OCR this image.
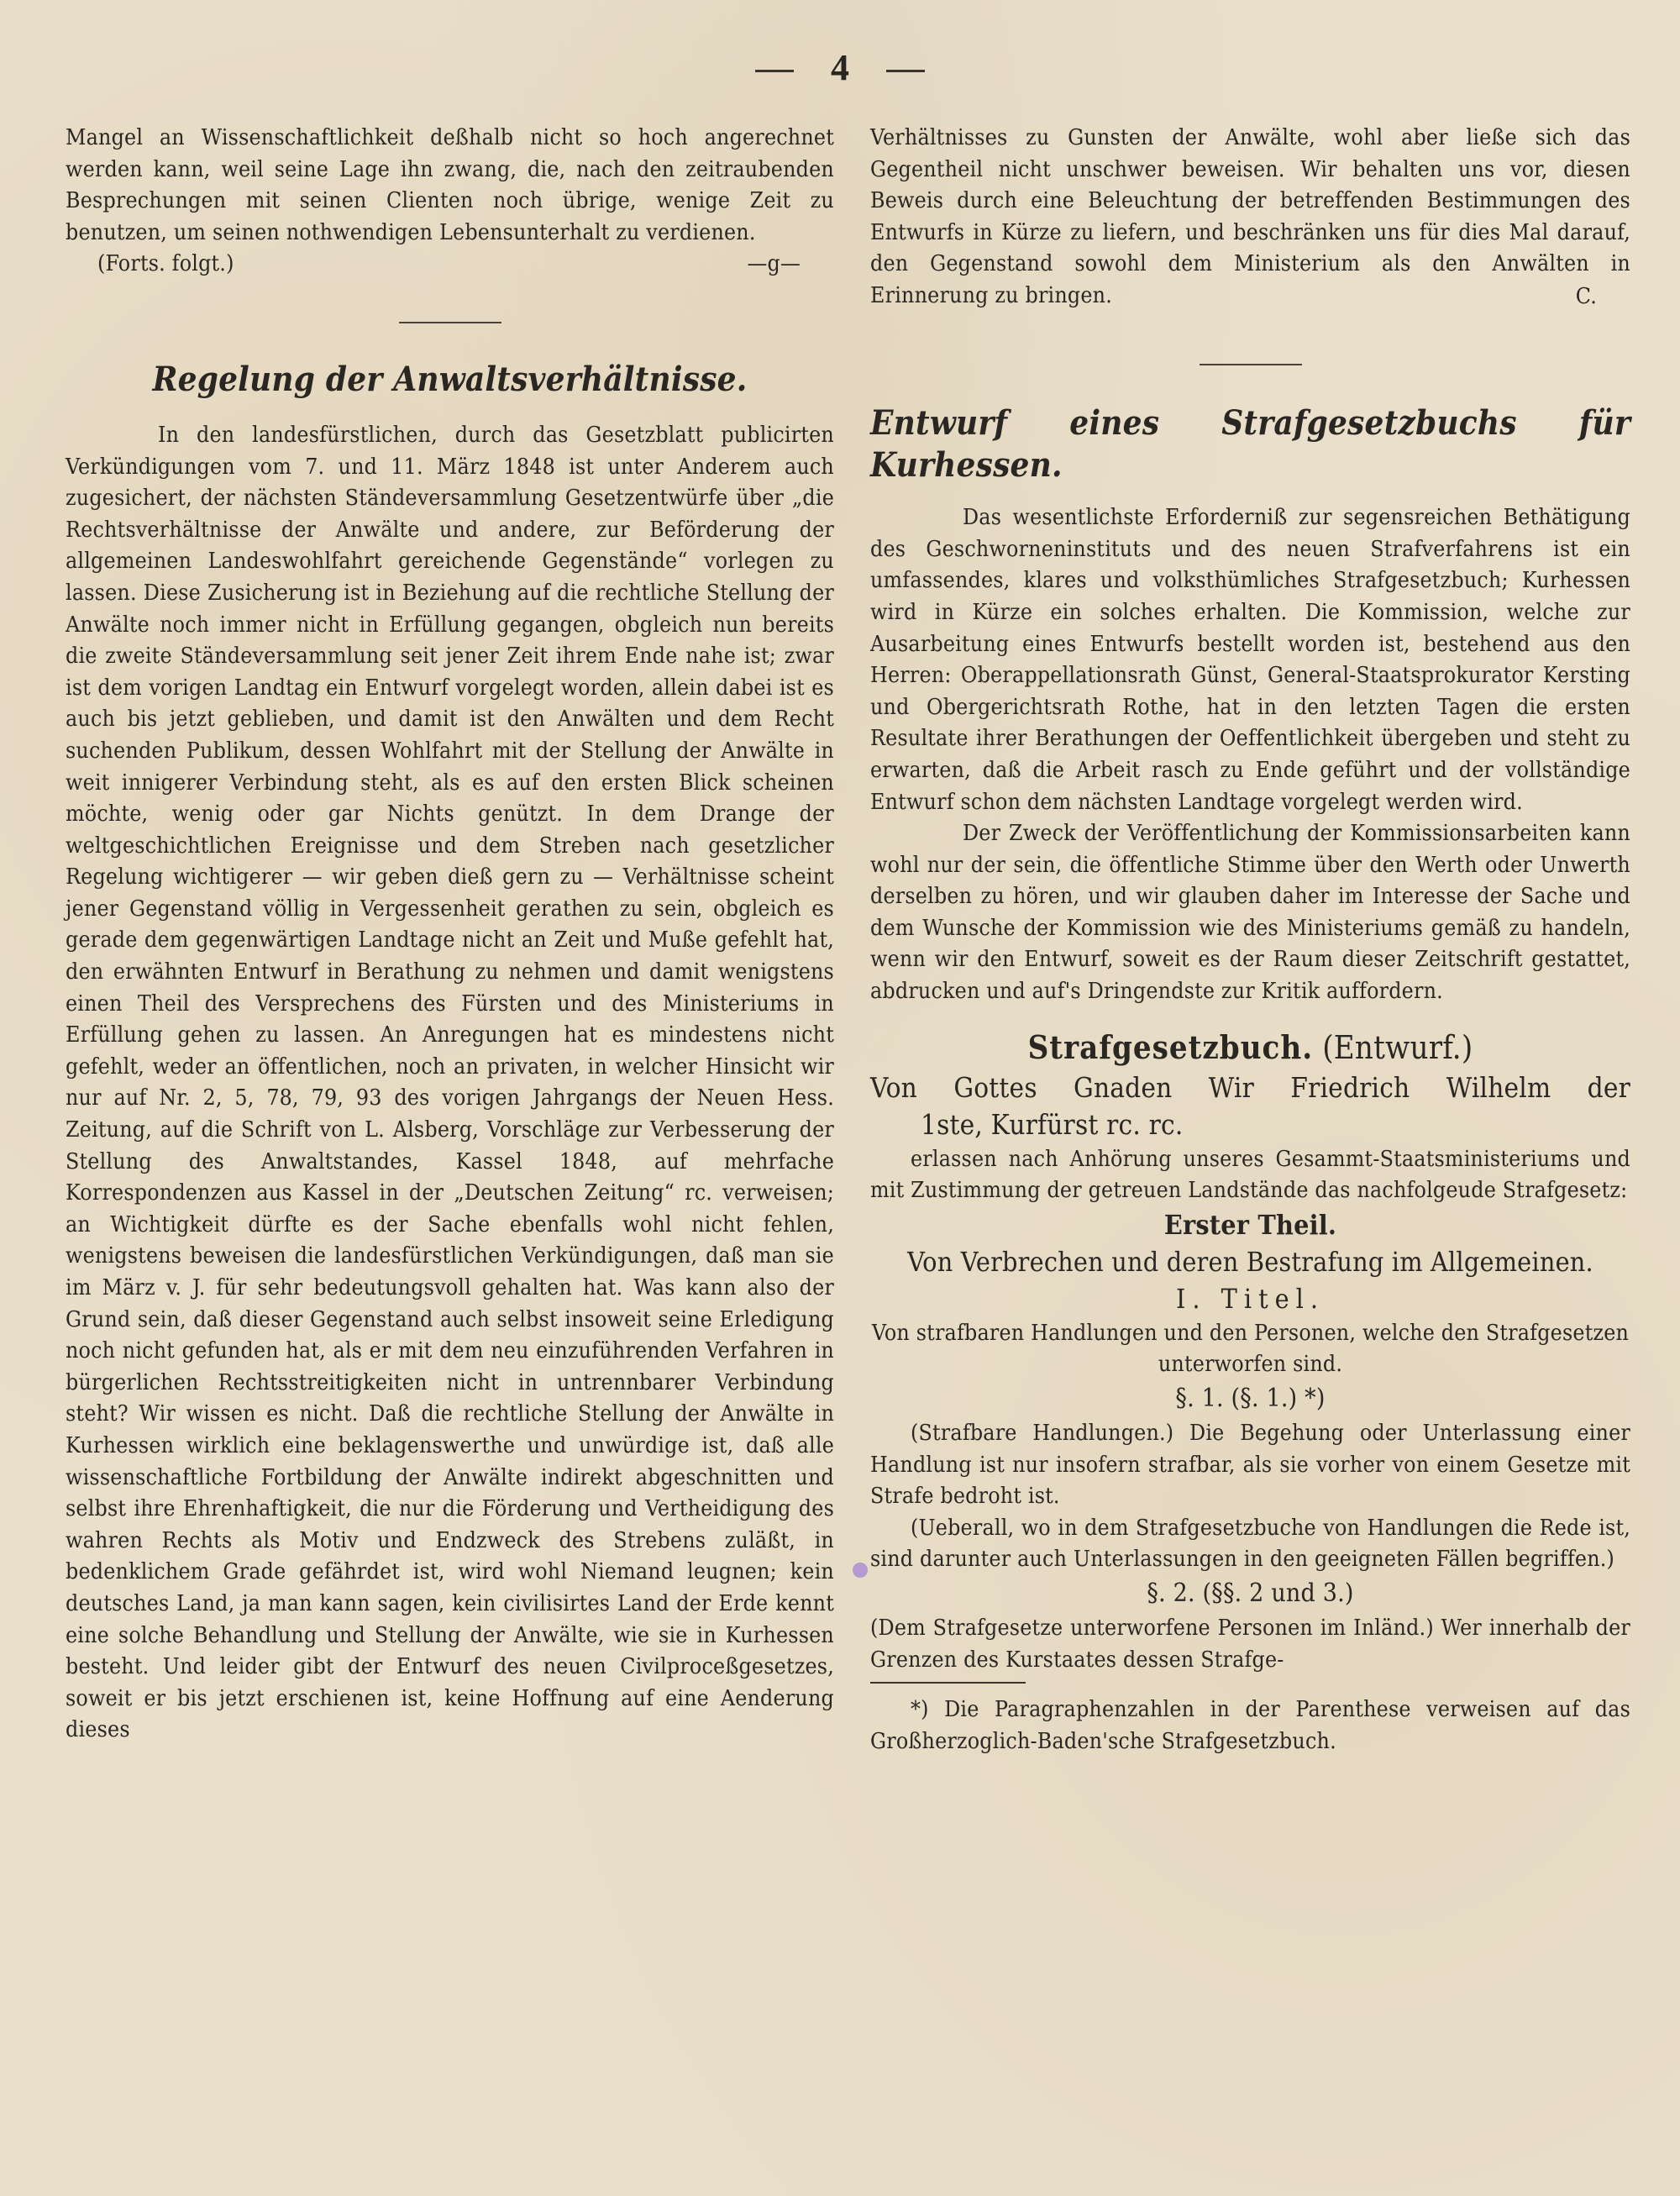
4

Mangel an Wissenschaftlichkeit deßhalb nicht so hoch angerechnet werden kann, weil seine Lage ihn zwang, die, nach den zeitraubenden Besprechungen mit seinen Clienten noch übrige, wenige Zeit zu benutzen, um seinen nothwendigen Lebensunterhalt zu verdienen.

(Forts. folgt.)	—g—
Regelung der Anwaltsverhältnisse.

In den landesfürstlichen, durch das Gesetzblatt publicirten Verkündigungen vom 7. und 11. März 1848 ist unter Anderem auch zugesichert, der nächsten Ständeversammlung Gesetzentwürfe über „die Rechtsverhältnisse der Anwälte und andere, zur Beförderung der allgemeinen Landeswohlfahrt gereichende Gegenstände“ vorlegen zu lassen. Diese Zusicherung ist in Beziehung auf die rechtliche Stellung der Anwälte noch immer nicht in Erfüllung gegangen, obgleich nun bereits die zweite Ständeversammlung seit jener Zeit ihrem Ende nahe ist; zwar ist dem vorigen Landtag ein Entwurf vorgelegt worden, allein dabei ist es auch bis jetzt geblieben, und damit ist den Anwälten und dem Recht suchenden Publikum, dessen Wohlfahrt mit der Stellung der Anwälte in weit innigerer Verbindung steht, als es auf den ersten Blick scheinen möchte, wenig oder gar Nichts genützt. In dem Drange der weltgeschichtlichen Ereignisse und dem Streben nach gesetzlicher Regelung wichtigerer — wir geben dieß gern zu — Verhältnisse scheint jener Gegenstand völlig in Vergessenheit gerathen zu sein, obgleich es gerade dem gegenwärtigen Landtage nicht an Zeit und Muße gefehlt hat, den erwähnten Entwurf in Berathung zu nehmen und damit wenigstens einen Theil des Versprechens des Fürsten und des Ministeriums in Erfüllung gehen zu lassen. An Anregungen hat es mindestens nicht gefehlt, weder an öffentlichen, noch an privaten, in welcher Hinsicht wir nur auf Nr. 2, 5, 78, 79, 93 des vorigen Jahrgangs der Neuen Hess. Zeitung, auf die Schrift von L. Alsberg, Vorschläge zur Verbesserung der Stellung des Anwaltstandes, Kassel 1848, auf mehrfache Korrespondenzen aus Kassel in der „Deutschen Zeitung“ rc. verweisen; an Wichtigkeit dürfte es der Sache ebenfalls wohl nicht fehlen, wenigstens beweisen die landesfürstlichen Verkündigungen, daß man sie im März v. J. für sehr bedeutungsvoll gehalten hat. Was kann also der Grund sein, daß dieser Gegenstand auch selbst insoweit seine Erledigung noch nicht gefunden hat, als er mit dem neu einzuführenden Verfahren in bürgerlichen Rechtsstreitigkeiten nicht in untrennbarer Verbindung steht? Wir wissen es nicht. Daß die rechtliche Stellung der Anwälte in Kurhessen wirklich eine beklagenswerthe und unwürdige ist, daß alle wissenschaftliche Fortbildung der Anwälte indirekt abgeschnitten und selbst ihre Ehrenhaftigkeit, die nur die Förderung und Vertheidigung des wahren Rechts als Motiv und Endzweck des Strebens zuläßt, in bedenklichem Grade gefährdet ist, wird wohl Niemand leugnen; kein deutsches Land, ja man kann sagen, kein civilisirtes Land der Erde kennt eine solche Behandlung und Stellung der Anwälte, wie sie in Kurhessen besteht. Und leider gibt der Entwurf des neuen Civilproceßgesetzes, soweit er bis jetzt erschienen ist, keine Hoffnung auf eine Aenderung dieses

Verhältnisses zu Gunsten der Anwälte, wohl aber ließe sich das Gegentheil nicht unschwer beweisen. Wir behalten uns vor, diesen Beweis durch eine Beleuchtung der betreffenden Bestimmungen des Entwurfs in Kürze zu liefern, und beschränken uns für dies Mal darauf, den Gegenstand sowohl dem Ministerium als den Anwälten in Erinnerung zu bringen.	C.
Entwurf eines Strafgesetzbuchs für Kurhessen.

Das wesentlichste Erforderniß zur segensreichen Bethätigung des Geschworneninstituts und des neuen Strafverfahrens ist ein umfassendes, klares und volksthümliches Strafgesetzbuch; Kurhessen wird in Kürze ein solches erhalten. Die Kommission, welche zur Ausarbeitung eines Entwurfs bestellt worden ist, bestehend aus den Herren: Oberappellationsrath Günst, General-Staatsprokurator Kersting und Obergerichtsrath Rothe, hat in den letzten Tagen die ersten Resultate ihrer Berathungen der Oeffentlichkeit übergeben und steht zu erwarten, daß die Arbeit rasch zu Ende geführt und der vollständige Entwurf schon dem nächsten Landtage vorgelegt werden wird.

Der Zweck der Veröffentlichung der Kommissionsarbeiten kann wohl nur der sein, die öffentliche Stimme über den Werth oder Unwerth derselben zu hören, und wir glauben daher im Interesse der Sache und dem Wunsche der Kommission wie des Ministeriums gemäß zu handeln, wenn wir den Entwurf, soweit es der Raum dieser Zeitschrift gestattet, abdrucken und auf's Dringendste zur Kritik auffordern.

Strafgesetzbuch. (Entwurf.)
Von Gottes Gnaden Wir Friedrich Wilhelm der
1ste, Kurfürst rc. rc.

erlassen nach Anhörung unseres Gesammt-Staatsministeriums und mit Zustimmung der getreuen Landstände das nachfolgeude Strafgesetz:

Erster Theil.
Von Verbrechen und deren Bestrafung im Allgemeinen.
I. Titel.
Von strafbaren Handlungen und den Personen, welche den Strafgesetzen unterworfen sind.
§. 1. (§. 1.) *)

(Strafbare Handlungen.) Die Begehung oder Unterlassung einer Handlung ist nur insofern strafbar, als sie vorher von einem Gesetze mit Strafe bedroht ist.

(Ueberall, wo in dem Strafgesetzbuche von Handlungen die Rede ist, sind darunter auch Unterlassungen in den geeigneten Fällen begriffen.)

§. 2. (§§. 2 und 3.)

(Dem Strafgesetze unterworfene Personen im Inländ.) Wer innerhalb der Grenzen des Kurstaates dessen Strafge-

*) Die Paragraphenzahlen in der Parenthese verweisen auf das Großherzoglich-Baden'sche Strafgesetzbuch.
